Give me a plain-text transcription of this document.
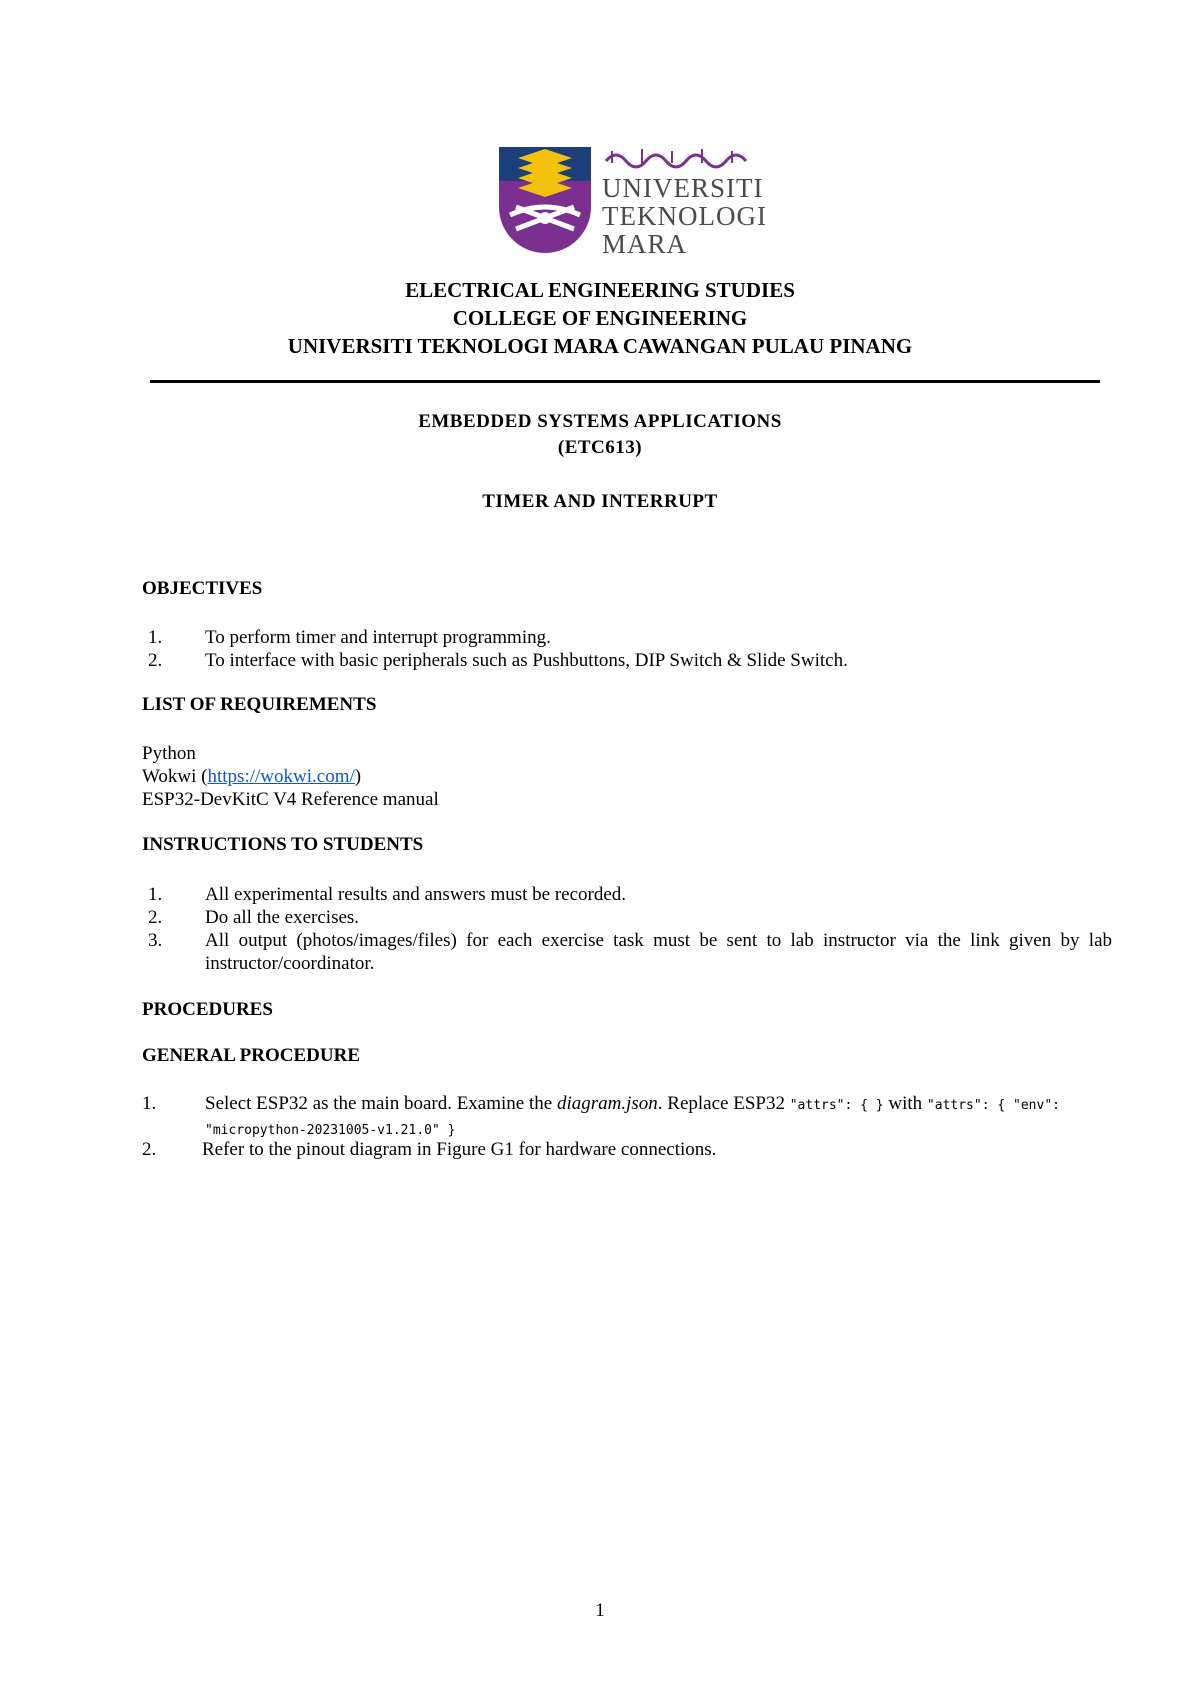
UNIVERSITI
TEKNOLOGI
MARA
ELECTRICAL ENGINEERING STUDIES
COLLEGE OF ENGINEERING
UNIVERSITI TEKNOLOGI MARA CAWANGAN PULAU PINANG
EMBEDDED SYSTEMS APPLICATIONS
(ETC613)
TIMER AND INTERRUPT
OBJECTIVES
1. To perform timer and interrupt programming.
2. To interface with basic peripherals such as Pushbuttons, DIP Switch & Slide Switch.
LIST OF REQUIREMENTS
Python
Wokwi (https://wokwi.com/)
ESP32-DevKitC V4 Reference manual
INSTRUCTIONS TO STUDENTS
1. All experimental results and answers must be recorded.
2. Do all the exercises.
3. All output (photos/images/files) for each exercise task must be sent to lab instructor via the link given by lab instructor/coordinator.
PROCEDURES
GENERAL PROCEDURE
1.	Select ESP32 as the main board. Examine the diagram.json. Replace ESP32 "attrs": { } with "attrs": { "env": "micropython-20231005-v1.21.0" }
2. Refer to the pinout diagram in Figure G1 for hardware connections.
1
